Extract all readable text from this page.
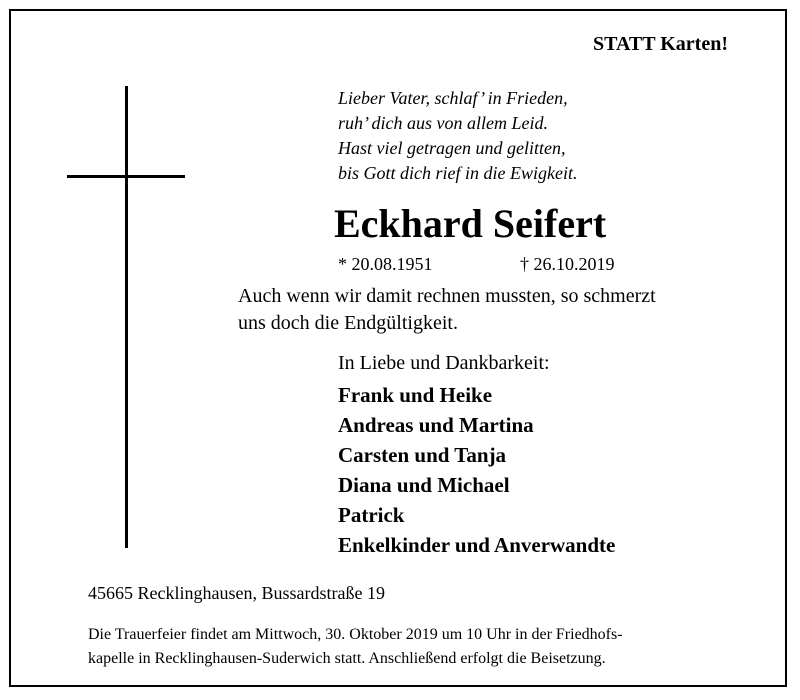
STATT Karten!
Lieber Vater, schlaf’ in Frieden,
ruh’ dich aus von allem Leid.
Hast viel getragen und gelitten,
bis Gott dich rief in die Ewigkeit.
Eckhard Seifert
* 20.08.1951	† 26.10.2019
Auch wenn wir damit rechnen mussten, so schmerzt
uns doch die Endgültigkeit.
In Liebe und Dankbarkeit:
Frank und Heike
Andreas und Martina
Carsten und Tanja
Diana und Michael
Patrick
Enkelkinder und Anverwandte
45665 Recklinghausen, Bussardstraße 19
Die Trauerfeier findet am Mittwoch, 30. Oktober 2019 um 10 Uhr in der Friedhofs-
kapelle in Recklinghausen-Suderwich statt. Anschließend erfolgt die Beisetzung.
